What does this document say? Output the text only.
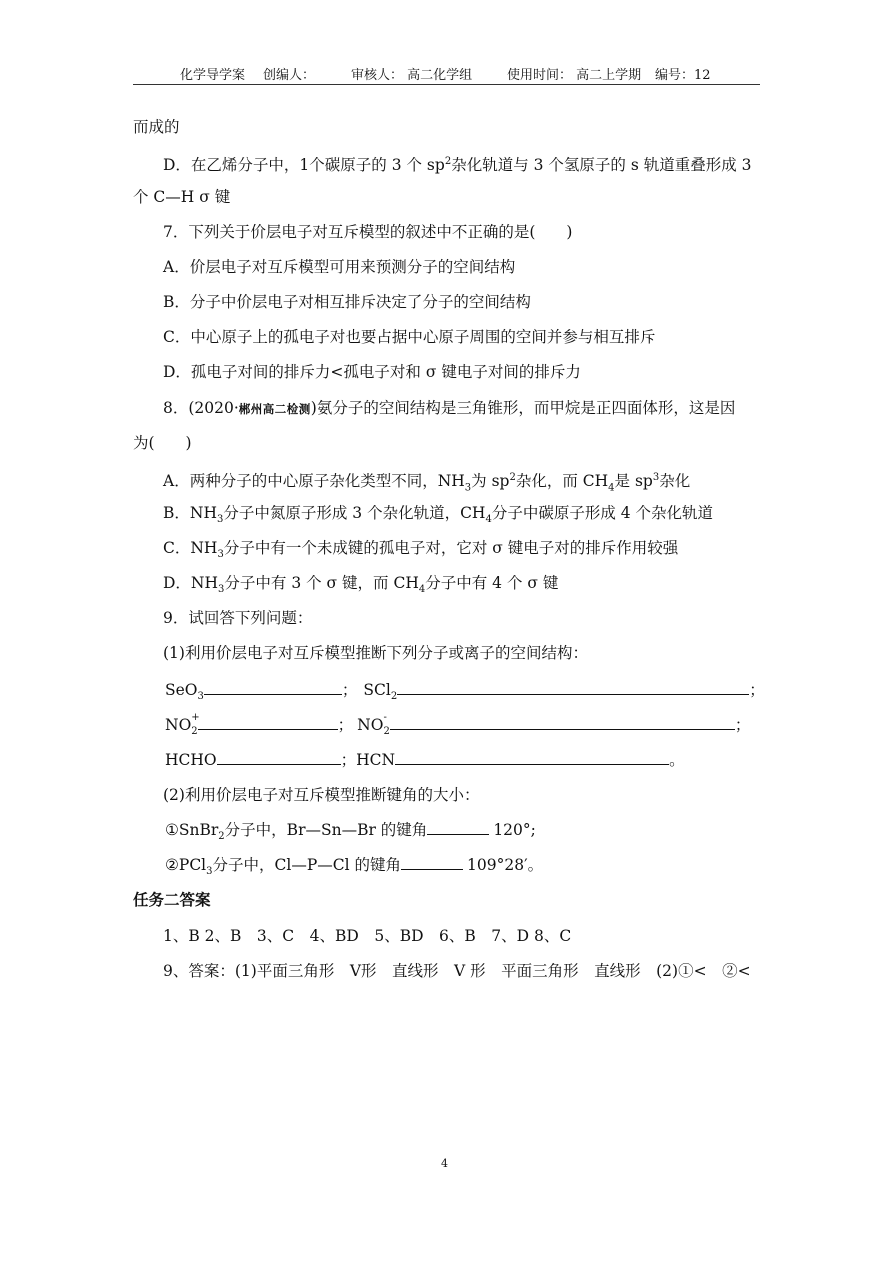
化学导学案 创编人：	审核人： 高二化学组	使用时间： 高二上学期 编号：12
而成的
D．在乙烯分子中，1个碳原子的 3 个 $sp^2$杂化轨道与 3 个氢原子的 s 轨道重叠形成 3
个 C—H σ 键
7．下列关于价层电子对互斥模型的叙述中不正确的是(　　)
A．价层电子对互斥模型可用来预测分子的空间结构
B．分子中价层电子对相互排斥决定了分子的空间结构
C．中心原子上的孤电子对也要占据中心原子周围的空间并参与相互排斥
D．孤电子对间的排斥力<孤电子对和 σ 键电子对间的排斥力
8．(2020·郴州高二检测)氨分子的空间结构是三角锥形，而甲烷是正四面体形，这是因
为(　　)
A．两种分子的中心原子杂化类型不同，$NH_3$为 $sp^2$杂化，而 $CH_4$是 $sp^3$杂化
B．$NH_3$分子中氮原子形成 3 个杂化轨道，$CH_4$分子中碳原子形成 4 个杂化轨道
C．$NH_3$分子中有一个未成键的孤电子对，它对 σ 键电子对的排斥作用较强
D．$NH_3$分子中有 3 个 σ 键，而 $CH_4$分子中有 4 个 σ 键
9．试回答下列问题：
(1)利用价层电子对互斥模型推断下列分子或离子的空间结构：
SeO$_3$	； SCl$_2$	；
$NO_2$
+	； $NO_2$
-	；
HCHO	；HCN	。
(2)利用价层电子对互斥模型推断键角的大小：
①SnBr$_2$分子中，Br—Sn—Br 的键角	120°;
②PCl$_3$分子中，Cl—P—Cl 的键角	109°28′。
任务二答案
1、B 2、B　3、C　4、BD　5、BD　6、B　7、D 8、C
9、答案：(1)平面三角形　V形　直线形　V 形　平面三角形　直线形　(2)①<　②<
4
